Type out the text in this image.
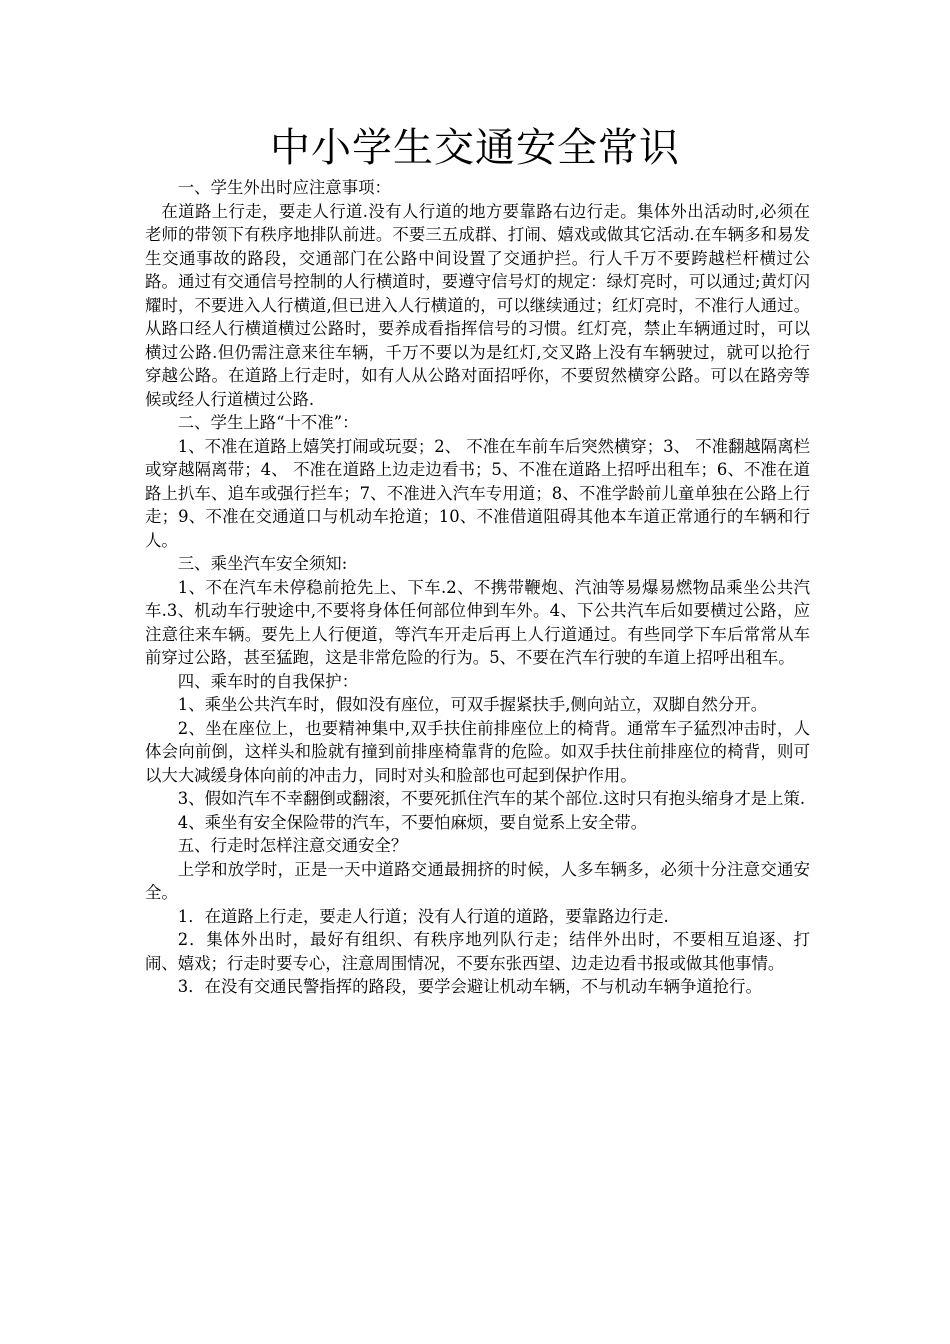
中小学生交通安全常识

一、学生外出时应注意事项：

在道路上行走，要走人行道.没有人行道的地方要靠路右边行走。集体外出活动时,必须在老师的带领下有秩序地排队前进。不要三五成群、打闹、嬉戏或做其它活动.在车辆多和易发生交通事故的路段，交通部门在公路中间设置了交通护拦。行人千万不要跨越栏杆横过公路。通过有交通信号控制的人行横道时，要遵守信号灯的规定：绿灯亮时，可以通过;黄灯闪耀时，不要进入人行横道,但已进入人行横道的，可以继续通过；红灯亮时，不准行人通过。从路口经人行横道横过公路时，要养成看指挥信号的习惯。红灯亮，禁止车辆通过时，可以横过公路.但仍需注意来往车辆，千万不要以为是红灯,交叉路上没有车辆驶过，就可以抢行穿越公路。在道路上行走时，如有人从公路对面招呼你，不要贸然横穿公路。可以在路旁等候或经人行道横过公路.

二、学生上路“十不准”：

1、不准在道路上嬉笑打闹或玩耍；2、 不准在车前车后突然横穿；3、 不准翻越隔离栏或穿越隔离带；4、 不准在道路上边走边看书；5、不准在道路上招呼出租车；6、不准在道路上扒车、追车或强行拦车；7、不准进入汽车专用道；8、不准学龄前儿童单独在公路上行走；9、不准在交通道口与机动车抢道；10、不准借道阻碍其他本车道正常通行的车辆和行人。

三、乘坐汽车安全须知:

1、不在汽车未停稳前抢先上、下车.2、不携带鞭炮、汽油等易爆易燃物品乘坐公共汽车.3、机动车行驶途中,不要将身体任何部位伸到车外。4、下公共汽车后如要横过公路，应注意往来车辆。要先上人行便道，等汽车开走后再上人行道通过。有些同学下车后常常从车前穿过公路，甚至猛跑，这是非常危险的行为。5、不要在汽车行驶的车道上招呼出租车。

四、乘车时的自我保护：

1、乘坐公共汽车时，假如没有座位，可双手握紧扶手,侧向站立，双脚自然分开。

2、坐在座位上，也要精神集中,双手扶住前排座位上的椅背。通常车子猛烈冲击时，人体会向前倒，这样头和脸就有撞到前排座椅靠背的危险。如双手扶住前排座位的椅背，则可以大大减缓身体向前的冲击力，同时对头和脸部也可起到保护作用。

3、假如汽车不幸翻倒或翻滚，不要死抓住汽车的某个部位.这时只有抱头缩身才是上策.

4、乘坐有安全保险带的汽车，不要怕麻烦，要自觉系上安全带。

五、行走时怎样注意交通安全？

上学和放学时，正是一天中道路交通最拥挤的时候，人多车辆多，必须十分注意交通安全。

1．在道路上行走，要走人行道；没有人行道的道路，要靠路边行走.

2．集体外出时，最好有组织、有秩序地列队行走；结伴外出时，不要相互追逐、打闹、嬉戏；行走时要专心，注意周围情况，不要东张西望、边走边看书报或做其他事情。

3．在没有交通民警指挥的路段，要学会避让机动车辆，不与机动车辆争道抢行。
